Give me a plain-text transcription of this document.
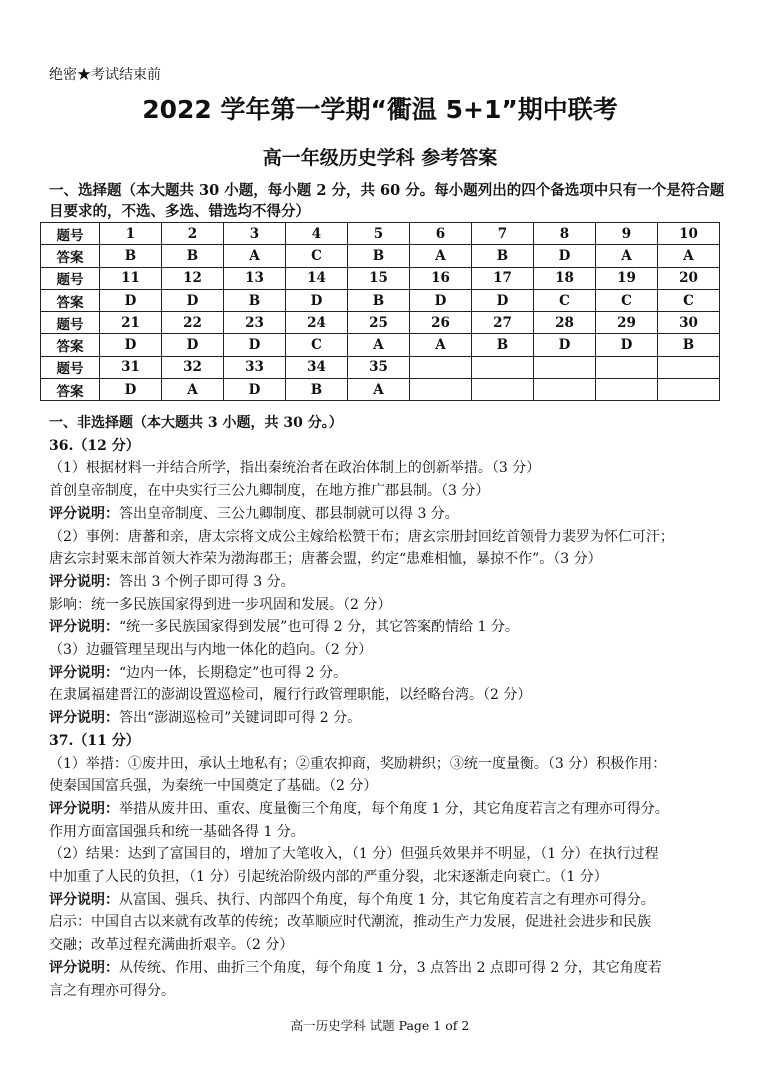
绝密★考试结束前
2022 学年第一学期“衢温 5+1”期中联考
高一年级历史学科 参考答案
一、选择题（本大题共 30 小题，每小题 2 分，共 60 分。每小题列出的四个备选项中只有一个是符合题目要求的，不选、多选、错选均不得分）
题号	1	2	3	4	5	6	7	8	9	10
答案	B	B	A	C	B	A	B	D	A	A
题号	11	12	13	14	15	16	17	18	19	20
答案	D	D	B	D	B	D	D	C	C	C
题号	21	22	23	24	25	26	27	28	29	30
答案	D	D	D	C	A	A	B	D	D	B
题号	31	32	33	34	35					
答案	D	A	D	B	A					
一、非选择题（本大题共 3 小题，共 30 分。）
36.（12 分）
（1）根据材料一并结合所学，指出秦统治者在政治体制上的创新举措。（3 分）
首创皇帝制度，在中央实行三公九卿制度，在地方推广郡县制。（3 分）
评分说明：答出皇帝制度、三公九卿制度、郡县制就可以得 3 分。
（2）事例：唐蕃和亲，唐太宗将文成公主嫁给松赞干布；唐玄宗册封回纥首领骨力裴罗为怀仁可汗；
唐玄宗封粟末部首领大祚荣为渤海郡王；唐蕃会盟，约定“患难相恤，暴掠不作”。（3 分）
评分说明：答出 3 个例子即可得 3 分。
影响：统一多民族国家得到进一步巩固和发展。（2 分）
评分说明：“统一多民族国家得到发展”也可得 2 分，其它答案酌情给 1 分。
（3）边疆管理呈现出与内地一体化的趋向。（2 分）
评分说明：“边内一体，长期稳定”也可得 2 分。
在隶属福建晋江的澎湖设置巡检司，履行行政管理职能，以经略台湾。（2 分）
评分说明：答出“澎湖巡检司”关键词即可得 2 分。
37.（11 分）
（1）举措：①废井田，承认土地私有；②重农抑商，奖励耕织；③统一度量衡。（3 分）积极作用：
使秦国国富兵强，为秦统一中国奠定了基础。（2 分）
评分说明：举措从废井田、重农、度量衡三个角度，每个角度 1 分，其它角度若言之有理亦可得分。
作用方面富国强兵和统一基础各得 1 分。
（2）结果：达到了富国目的，增加了大笔收入，（1 分）但强兵效果并不明显，（1 分）在执行过程
中加重了人民的负担，（1 分）引起统治阶级内部的严重分裂，北宋逐渐走向衰亡。（1 分）
评分说明：从富国、强兵、执行、内部四个角度，每个角度 1 分，其它角度若言之有理亦可得分。
启示：中国自古以来就有改革的传统；改革顺应时代潮流，推动生产力发展，促进社会进步和民族
交融；改革过程充满曲折艰辛。（2 分）
评分说明：从传统、作用、曲折三个角度，每个角度 1 分，3 点答出 2 点即可得 2 分，其它角度若
言之有理亦可得分。
高一历史学科 试题 Page 1 of 2
